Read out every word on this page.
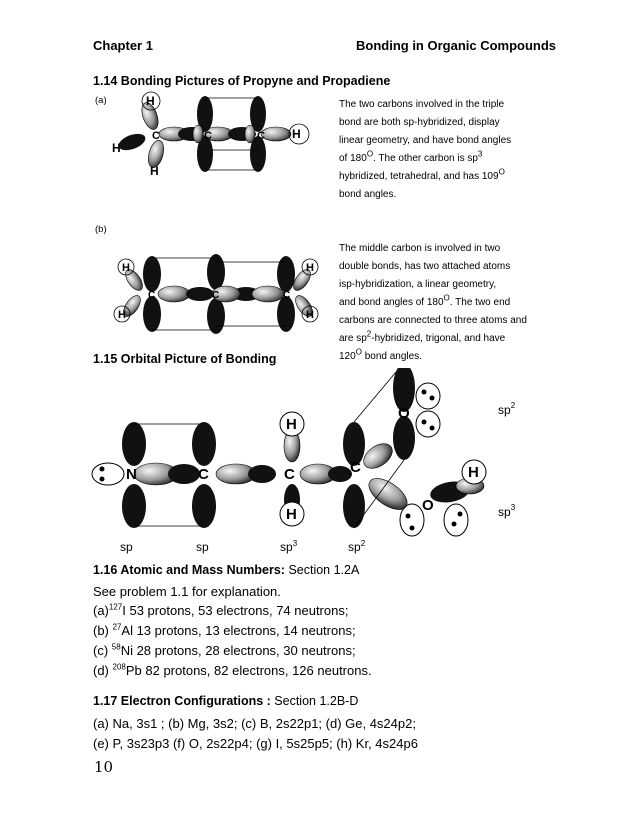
Chapter 1	Bonding in Organic Compounds
1.14 Bonding Pictures of Propyne and Propadiene
(a)	H
H
H
H
C	C	C
The two carbons involved in the triple
bond are both sp-hybridized, display
linear geometry, and have bond angles
of $180^O$. The other carbon is $sp^3$
hybridized, tetrahedral, and has $109^O$
bond angles.
(b)
H
H
H
H
C	C	C
The middle carbon is involved in two
double bonds, has two attached atoms
isp-hybridization, a linear geometry,
and bond angles of $180^O$. The two end
carbons are connected to three atoms and
are $sp^2$-hybridized, trigonal, and have
$120^O$ bond angles.
1.15 Orbital Picture of Bonding
N	C	C	C
O
O
H
H
H
$sp^2$
$sp^3$
sp	sp	$sp^3$	$sp^2$
1.16 Atomic and Mass Numbers: Section 1.2A
See problem 1.1 for explanation.
$(a)^{127}I$ 53 protons, 53 electrons, 74 neutrons;
(b) $^{27}$Al 13 protons, 13 electrons, 14 neutrons;
(c) $^{58}$Ni 28 protons, 28 electrons, 30 neutrons;
(d) $^{208}$Pb 82 protons, 82 electrons, 126 neutrons.
1.17 Electron Configurations : Section 1.2B-D
(a) Na, 3s1 ; (b) Mg, 3s2; (c) B, 2s22p1; (d) Ge, 4s24p2;
(e) P, 3s23p3 (f) O, 2s22p4; (g) I, 5s25p5; (h) Kr, 4s24p6
10
